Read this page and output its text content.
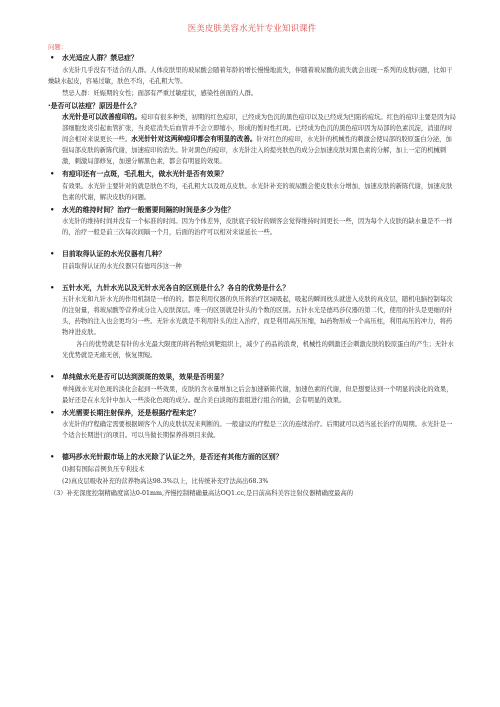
医美皮肤美容水光针专业知识课件
问题：
• 水光适应人群？禁忌症？

水光针几乎没有不适合的人群。人体皮肤里的玻尿酸会随着年龄的增长慢慢地流失，伴随着玻尿酸的流失就会出现一系列的皮肤问题，比如干燥缺水起皮，容易过敏，肤色不均，毛孔粗大等。

禁忌人群：妊娠期的女性；面部有严重过敏症状，感染性创面的人群。

·是否可以祛痘？原因是什么？

水光针是可以改善痘印的。痘印有很多种类，初期的红色痘印，已经成为色沉的黑色痘印以及已经成为凹陷的痘坑。红色的痘印主要是因为局部细胞发炎引起血管扩张，当炎症消失后血管并不会立即缩小，形成的暂时性红斑。已经成为色沉的黑色痘印因为局部的色素沉淀，消退的时间会相对来说更长一些。水光针针对这两种痘印都会有明显的改善。针对红色的痘印，水光针的机械性的刺激会使局部的胶原蛋白分泌，加强局部皮肤的新陈代谢，加速痘印的消失。针对黑色的痘印，水光针注入的提亮肤色的成分会加速皮肤对黑色素的分解，加上一定的机械刺激，刺激局部修复，加速分解黑色素，都会有明显的效果。

• 有痘印还有一点斑，毛孔粗大，做水光针是否有效果？

有效果。水光针主要针对的就是肤色不均，毛孔粗大以及斑点皮肤。水光针补充的玻尿酸会使皮肤水分增加，加速皮肤的新陈代谢，加速皮肤色素的代谢，解决皮肤的问题。

• 水光的维持时间？治疗一般需要间隔的时间是多少为佳？

水光针的维持时间并没有一个标准的时间。因为个体差异，皮肤底子较好的顾客会觉得维持时间更长一些，因为每个人皮肤的缺水量是不一样的，治疗一般是前三次每次间隔一个月，后面的治疗可以相对来说延长一些。

• 目前取得认证的水光仪器有几种？

目前取得认证的水光仪器只有德玛莎这一种

• 五针水光，九针水光以及无针水光各自的区别是什么？各自的优势是什么？

五针水光和九针水光的作用机制是一样的的。都是利用仪器的负压将治疗区域吸起，吸起的瞬间枕头就进入皮肤的真皮层，随机电脑控制每次的注射量，将玻尿酸等营养成分注入皮肤深层。唯一的区别就是针头的个数的区别。五针水光是德玛莎仪器的第二代，使用的针头是更细的针头，药物的注入也会更均匀一些。无针水光就是不利用针头的注入治疗，而是利用高压压缩，hi药物形成一个高压柱，利用高压的冲力，将药物冲进皮肤。

各自的优势就是有针的水光最大限度的将药物给到靶组织上，减少了药品的浪费，机械性的刺激还会刺激皮肤的胶原蛋白的产生；无针水光优势就是无痛无创，恢复期短。

• 单纯做水光是否可以达到淡斑的效果，效果是否明显？

单纯做水光对色斑的淡化会起到一些效果，皮肤的含水量增加之后会加速新陈代谢，加速色素的代谢，但是想要达到一个明显的淡化的效果，最好还是在水光针中加入一些淡化色斑的成分。配合美白淡斑的套组进行组合的做，会有明显的效果。

• 水光需要长期注射保养，还是根据疗程来定？

水光针的疗程确定需要根据顾客个人的皮肤状况来判断的。一般建议的疗程是三次的连续治疗。后期就可以适当延长治疗的周期。水光针是一个适合长期进行的项目。可以当做长期保养得项目来做。

• 德玛莎水光针跟市场上的水光除了认证之外，是否还有其他方面的区别？

(l)拥有国际首例负压专利技术

(2)真皮层吸收补充的营养物高达98.3%以上，比传统补充疗法高出68.3%

（3）补充深度控制精确度富达0-01mm,齐慢控制精确量高达OQ1.cc,是目前高科美容注射仪器精确度最高的
